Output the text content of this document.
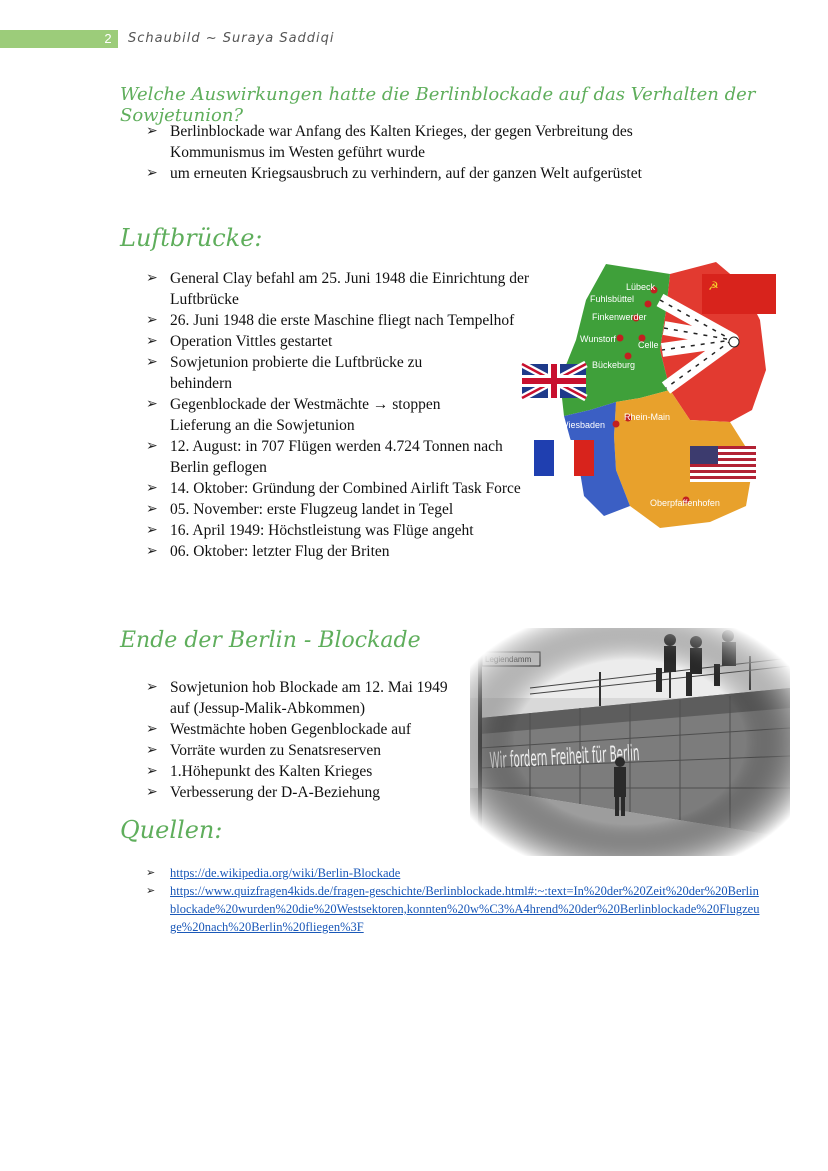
2	Schaubild ~ Suraya Saddiqi
Welche Auswirkungen hatte die Berlinblockade auf das Verhalten der Sowjetunion?
➢ Berlinblockade war Anfang des Kalten Krieges, der gegen Verbreitung des Kommunismus im Westen geführt wurde
➢ um erneuten Kriegsausbruch zu verhindern, auf der ganzen Welt aufgerüstet
Luftbrücke:
➢ General Clay befahl am 25. Juni 1948 die Einrichtung der Luftbrücke
➢ 26. Juni 1948 die erste Maschine fliegt nach Tempelhof
➢ Operation Vittles gestartet
➢ Sowjetunion probierte die Luftbrücke zu behindern
➢ Gegenblockade der Westmächte → stoppen Lieferung an die Sowjetunion
➢ 12. August: in 707 Flügen werden 4.724 Tonnen nach Berlin geflogen
➢ 14. Oktober: Gründung der Combined Airlift Task Force
➢ 05. November: erste Flugzeug landet in Tegel
➢ 16. April 1949: Höchstleistung was Flüge angeht
➢ 06. Oktober: letzter Flug der Briten
Lübeck
Fuhlsbüttel
Finkenwerder
Wunstorf
Celle
Bückeburg
Rhein-Main
Wiesbaden
Oberpfaffenhofen
☭
Ende der Berlin - Blockade
➢ Sowjetunion hob Blockade am 12. Mai 1949 auf (Jessup-Malik-Abkommen)
➢ Westmächte hoben Gegenblockade auf
➢ Vorräte wurden zu Senatsreserven
➢ 1.Höhepunkt des Kalten Krieges
➢ Verbesserung der D-A-Beziehung
Quellen:
➢ https://de.wikipedia.org/wiki/Berlin-Blockade
➢ https://www.quizfragen4kids.de/fragen-geschichte/Berlinblockade.html#:~:text=In%20der%20Zeit%20der%20Berlinblockade%20wurden%20die%20Westsektoren,konnten%20w%C3%A4hrend%20der%20Berlinblockade%20Flugzeuge%20nach%20Berlin%20fliegen%3F
